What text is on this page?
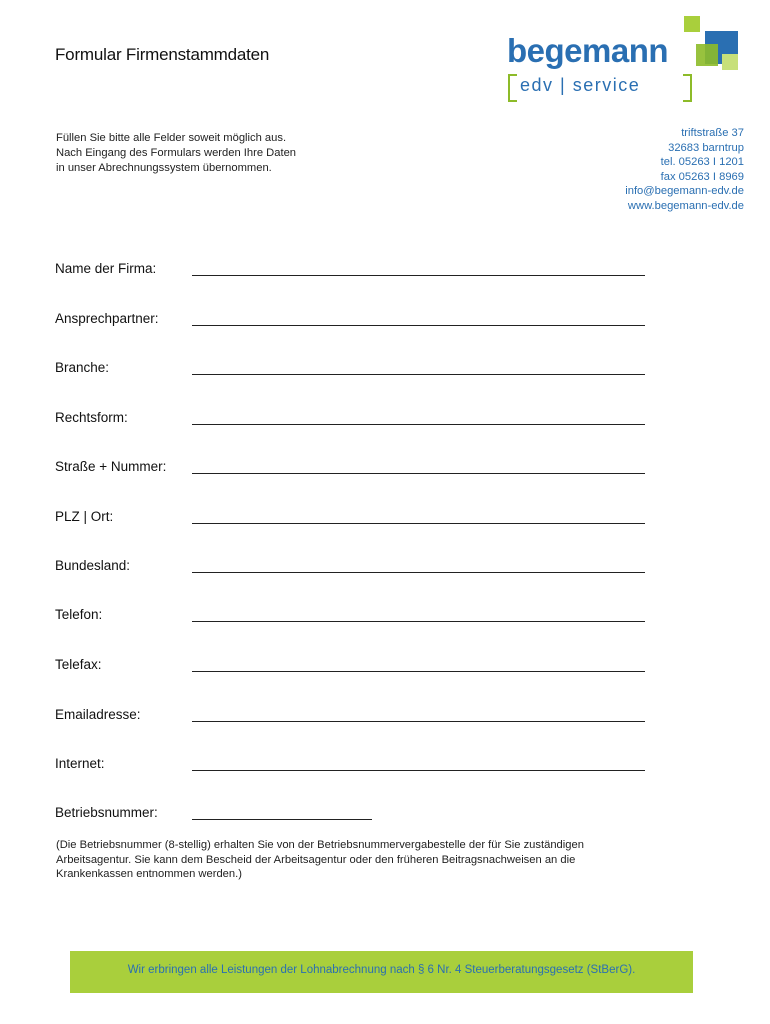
Formular Firmenstammdaten
Füllen Sie bitte alle Felder soweit möglich aus.
Nach Eingang des Formulars werden Ihre Daten
in unser Abrechnungssystem übernommen.
begemann
edv | service
triftstraße 37
32683 barntrup
tel. 05263 I 1201
fax 05263 I 8969
info@begemann-edv.de
www.begemann-edv.de
Name der Firma:
Ansprechpartner:
Branche:
Rechtsform:
Straße + Nummer:
PLZ | Ort:
Bundesland:
Telefon:
Telefax:
Emailadresse:
Internet:
Betriebsnummer:
(Die Betriebsnummer (8-stellig) erhalten Sie von der Betriebsnummervergabestelle der für Sie zuständigen
Arbeitsagentur. Sie kann dem Bescheid der Arbeitsagentur oder den früheren Beitragsnachweisen an die
Krankenkassen entnommen werden.)
Wir erbringen alle Leistungen der Lohnabrechnung nach § 6 Nr. 4 Steuerberatungsgesetz (StBerG).
